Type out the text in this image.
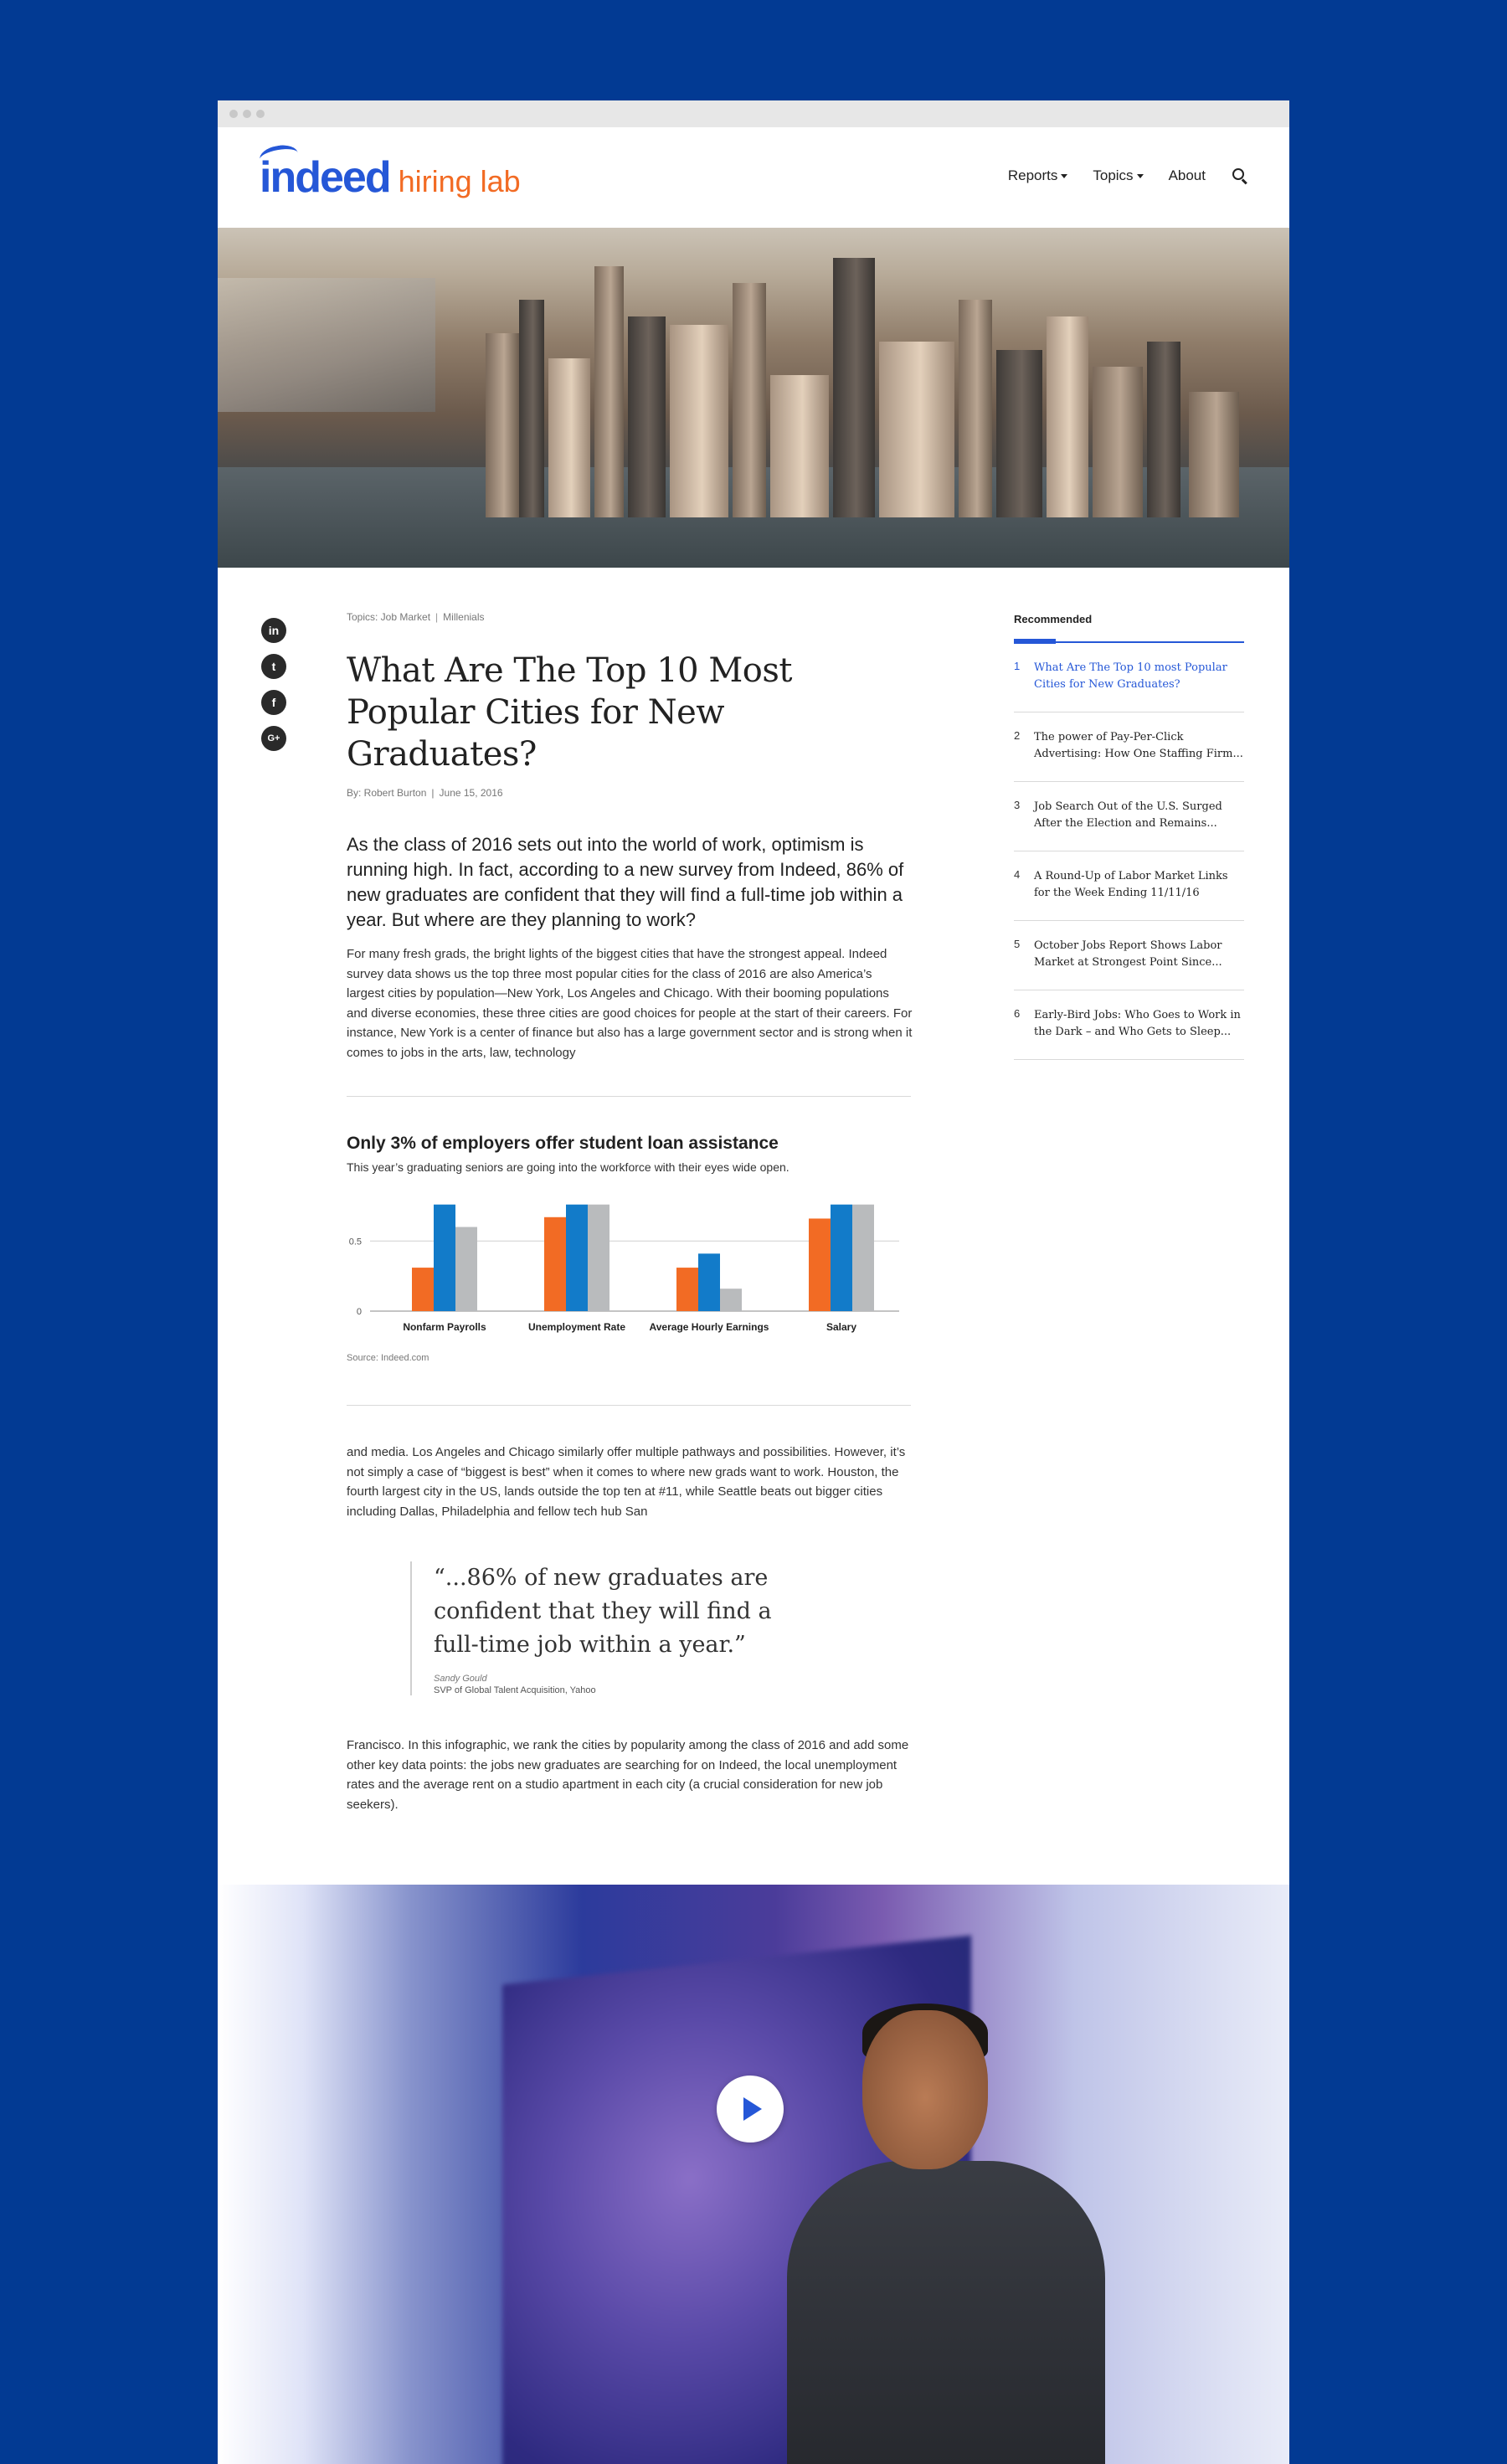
indeed hiring lab	Reports Topics About
in
t
f
G+
Topics: Job Market | Millenials
What Are The Top 10 Most Popular Cities for New Graduates?
By: Robert Burton | June 15, 2016
As the class of 2016 sets out into the world of work, optimism is running high. In fact, according to a new survey from Indeed, 86% of new graduates are confident that they will find a full-time job within a year. But where are they planning to work?
For many fresh grads, the bright lights of the biggest cities that have the strongest appeal. Indeed survey data shows us the top three most popular cities for the class of 2016 are also America’s largest cities by population—New York, Los Angeles and Chicago. With their booming populations and diverse economies, these three cities are good choices for people at the start of their careers. For instance, New York is a center of finance but also has a large government sector and is strong when it comes to jobs in the arts, law, technology
Only 3% of employers offer student loan assistance
This year’s graduating seniors are going into the workforce with their eyes wide open.
0
0.5
Nonfarm Payrolls	Unemployment Rate Average Hourly Earnings	Salary
Source: Indeed.com
and media. Los Angeles and Chicago similarly offer multiple pathways and possibilities. However, it’s not simply a case of “biggest is best” when it comes to where new grads want to work. Houston, the fourth largest city in the US, lands outside the top ten at #11, while Seattle beats out bigger cities including Dallas, Philadelphia and fellow tech hub San
“...86% of new graduates are confident that they will find a full-time job within a year.”
Sandy Gould
SVP of Global Talent Acquisition, Yahoo
Francisco. In this infographic, we rank the cities by popularity among the class of 2016 and add some other key data points: the jobs new graduates are searching for on Indeed, the local unemployment rates and the average rent on a studio apartment in each city (a crucial consideration for new job seekers).
Recommended
1	What Are The Top 10 most Popular Cities for New Graduates?
2	The power of Pay-Per-Click Advertising: How One Staffing Firm...
3	Job Search Out of the U.S. Surged After the Election and Remains...
4	A Round-Up of Labor Market Links for the Week Ending 11/11/16
5	October Jobs Report Shows Labor Market at Strongest Point Since...
6	Early-Bird Jobs: Who Goes to Work in the Dark – and Who Gets to Sleep...
